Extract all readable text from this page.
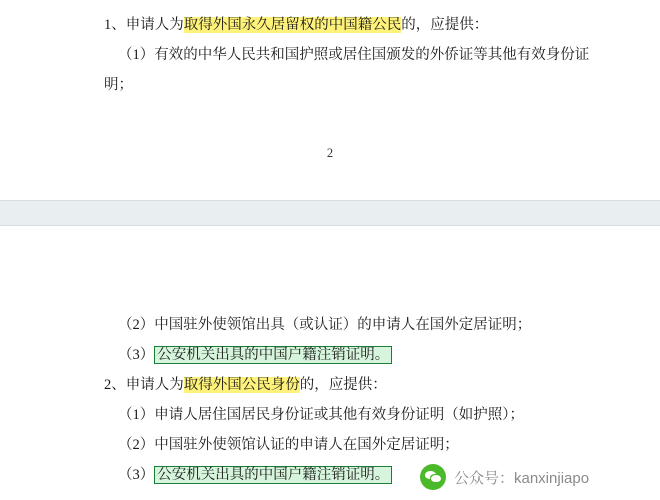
1、申请人为取得外国永久居留权的中国籍公民的，应提供：
（1）有效的中华人民共和国护照或居住国颁发的外侨证等其他有效身份证
明；
2
（2）中国驻外使领馆出具（或认证）的申请人在国外定居证明；
（3） 公安机关出具的中国户籍注销证明。
2、申请人为取得外国公民身份的，应提供：
（1）申请人居住国居民身份证或其他有效身份证明（如护照）；
（2）中国驻外使领馆认证的申请人在国外定居证明；
（3） 公安机关出具的中国户籍注销证明。	公众号：kanxinjiapo
